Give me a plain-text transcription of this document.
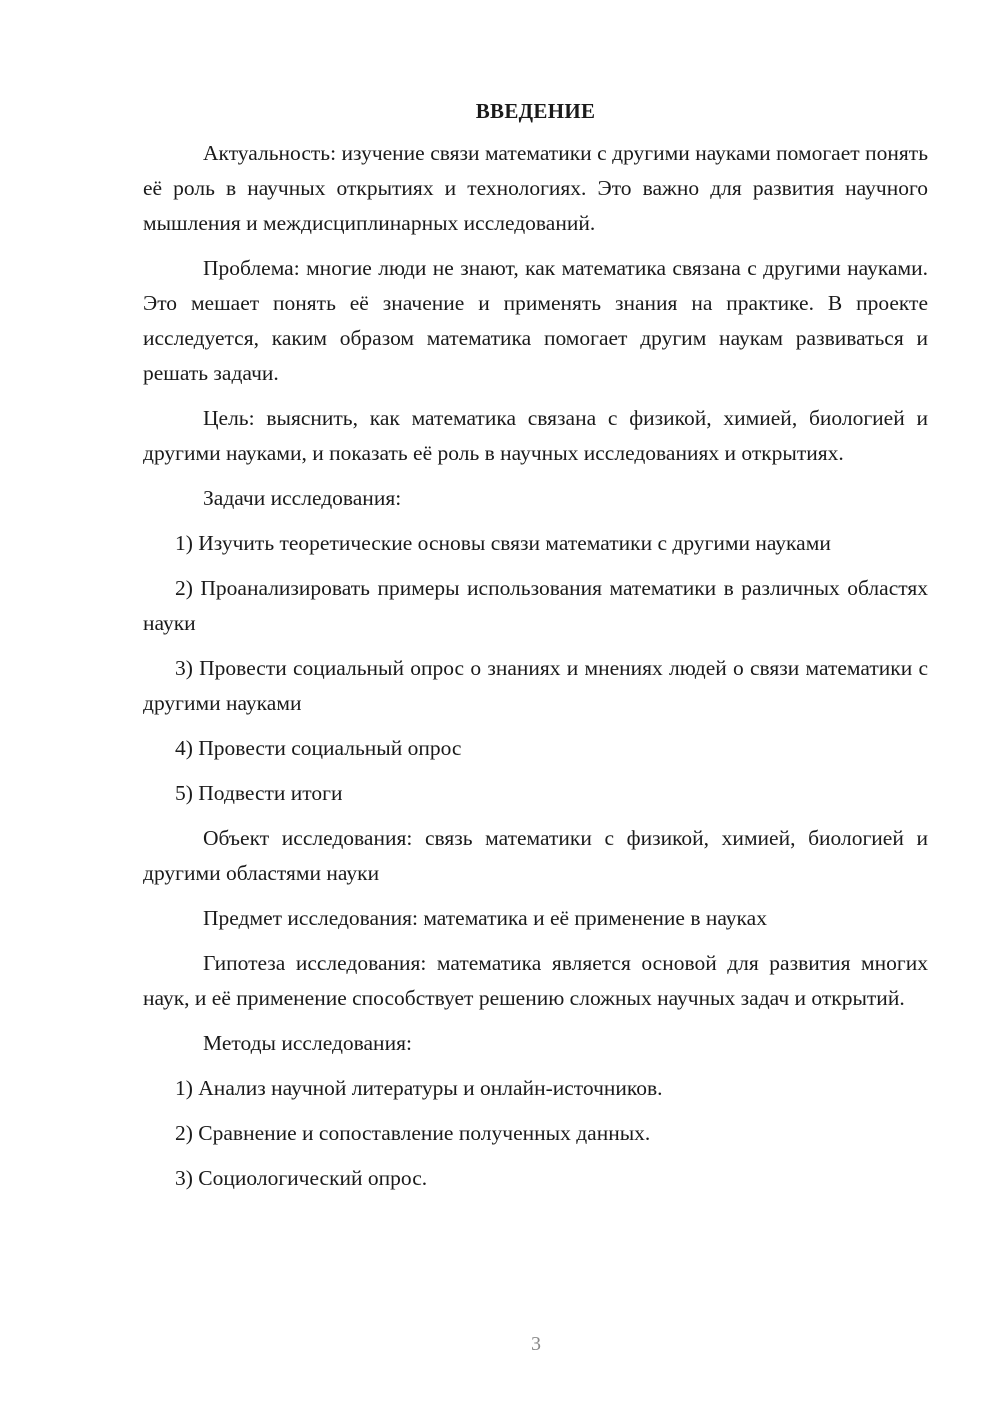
ВВЕДЕНИЕ

Актуальность: изучение связи математики с другими науками помогает понять её роль в научных открытиях и технологиях. Это важно для развития научного мышления и междисциплинарных исследований.

Проблема: многие люди не знают, как математика связана с другими науками. Это мешает понять её значение и применять знания на практике. В проекте исследуется, каким образом математика помогает другим наукам развиваться и решать задачи.

Цель: выяснить, как математика связана с физикой, химией, биологией и другими науками, и показать её роль в научных исследованиях и открытиях.

Задачи исследования:

1) Изучить теоретические основы связи математики с другими науками

2) Проанализировать примеры использования математики в различных областях науки

3) Провести социальный опрос о знаниях и мнениях людей о связи математики с другими науками

4) Провести социальный опрос

5) Подвести итоги

Объект исследования: связь математики с физикой, химией, биологией и другими областями науки

Предмет исследования: математика и её применение в науках

Гипотеза исследования: математика является основой для развития многих наук, и её применение способствует решению сложных научных задач и открытий.

Методы исследования:

1) Анализ научной литературы и онлайн-источников.

2) Сравнение и сопоставление полученных данных.

3) Социологический опрос.

3
